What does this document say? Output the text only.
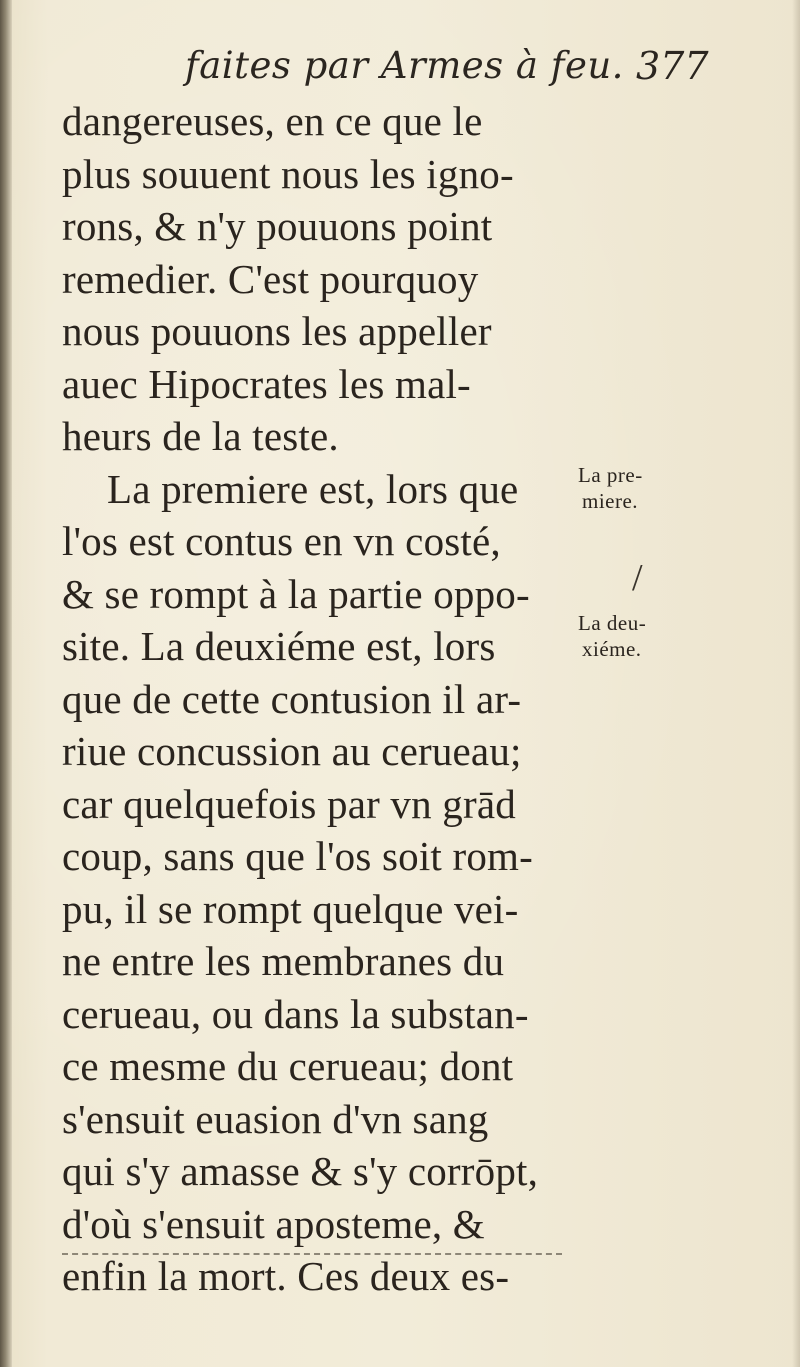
faites par Armes à feu. 377
dangereuses, en ce que le
plus souuent nous les igno-
rons, & n'y pouuons point
remedier. C'est pourquoy
nous pouuons les appeller
auec Hipocrates les mal-
heurs de la teste.
La premiere est, lors que
l'os est contus en vn costé,
& se rompt à la partie oppo-
site. La deuxiéme est, lors
que de cette contusion il ar-
riue concussion au cerueau;
car quelquefois par vn grād
coup, sans que l'os soit rom-
pu, il se rompt quelque vei-
ne entre les membranes du
cerueau, ou dans la substan-
ce mesme du cerueau; dont
s'ensuit euasion d'vn sang
qui s'y amasse & s'y corrōpt,
d'où s'ensuit aposteme, &
enfin la mort. Ces deux es-
La pre-
miere.
/
La deu-
xiéme.
